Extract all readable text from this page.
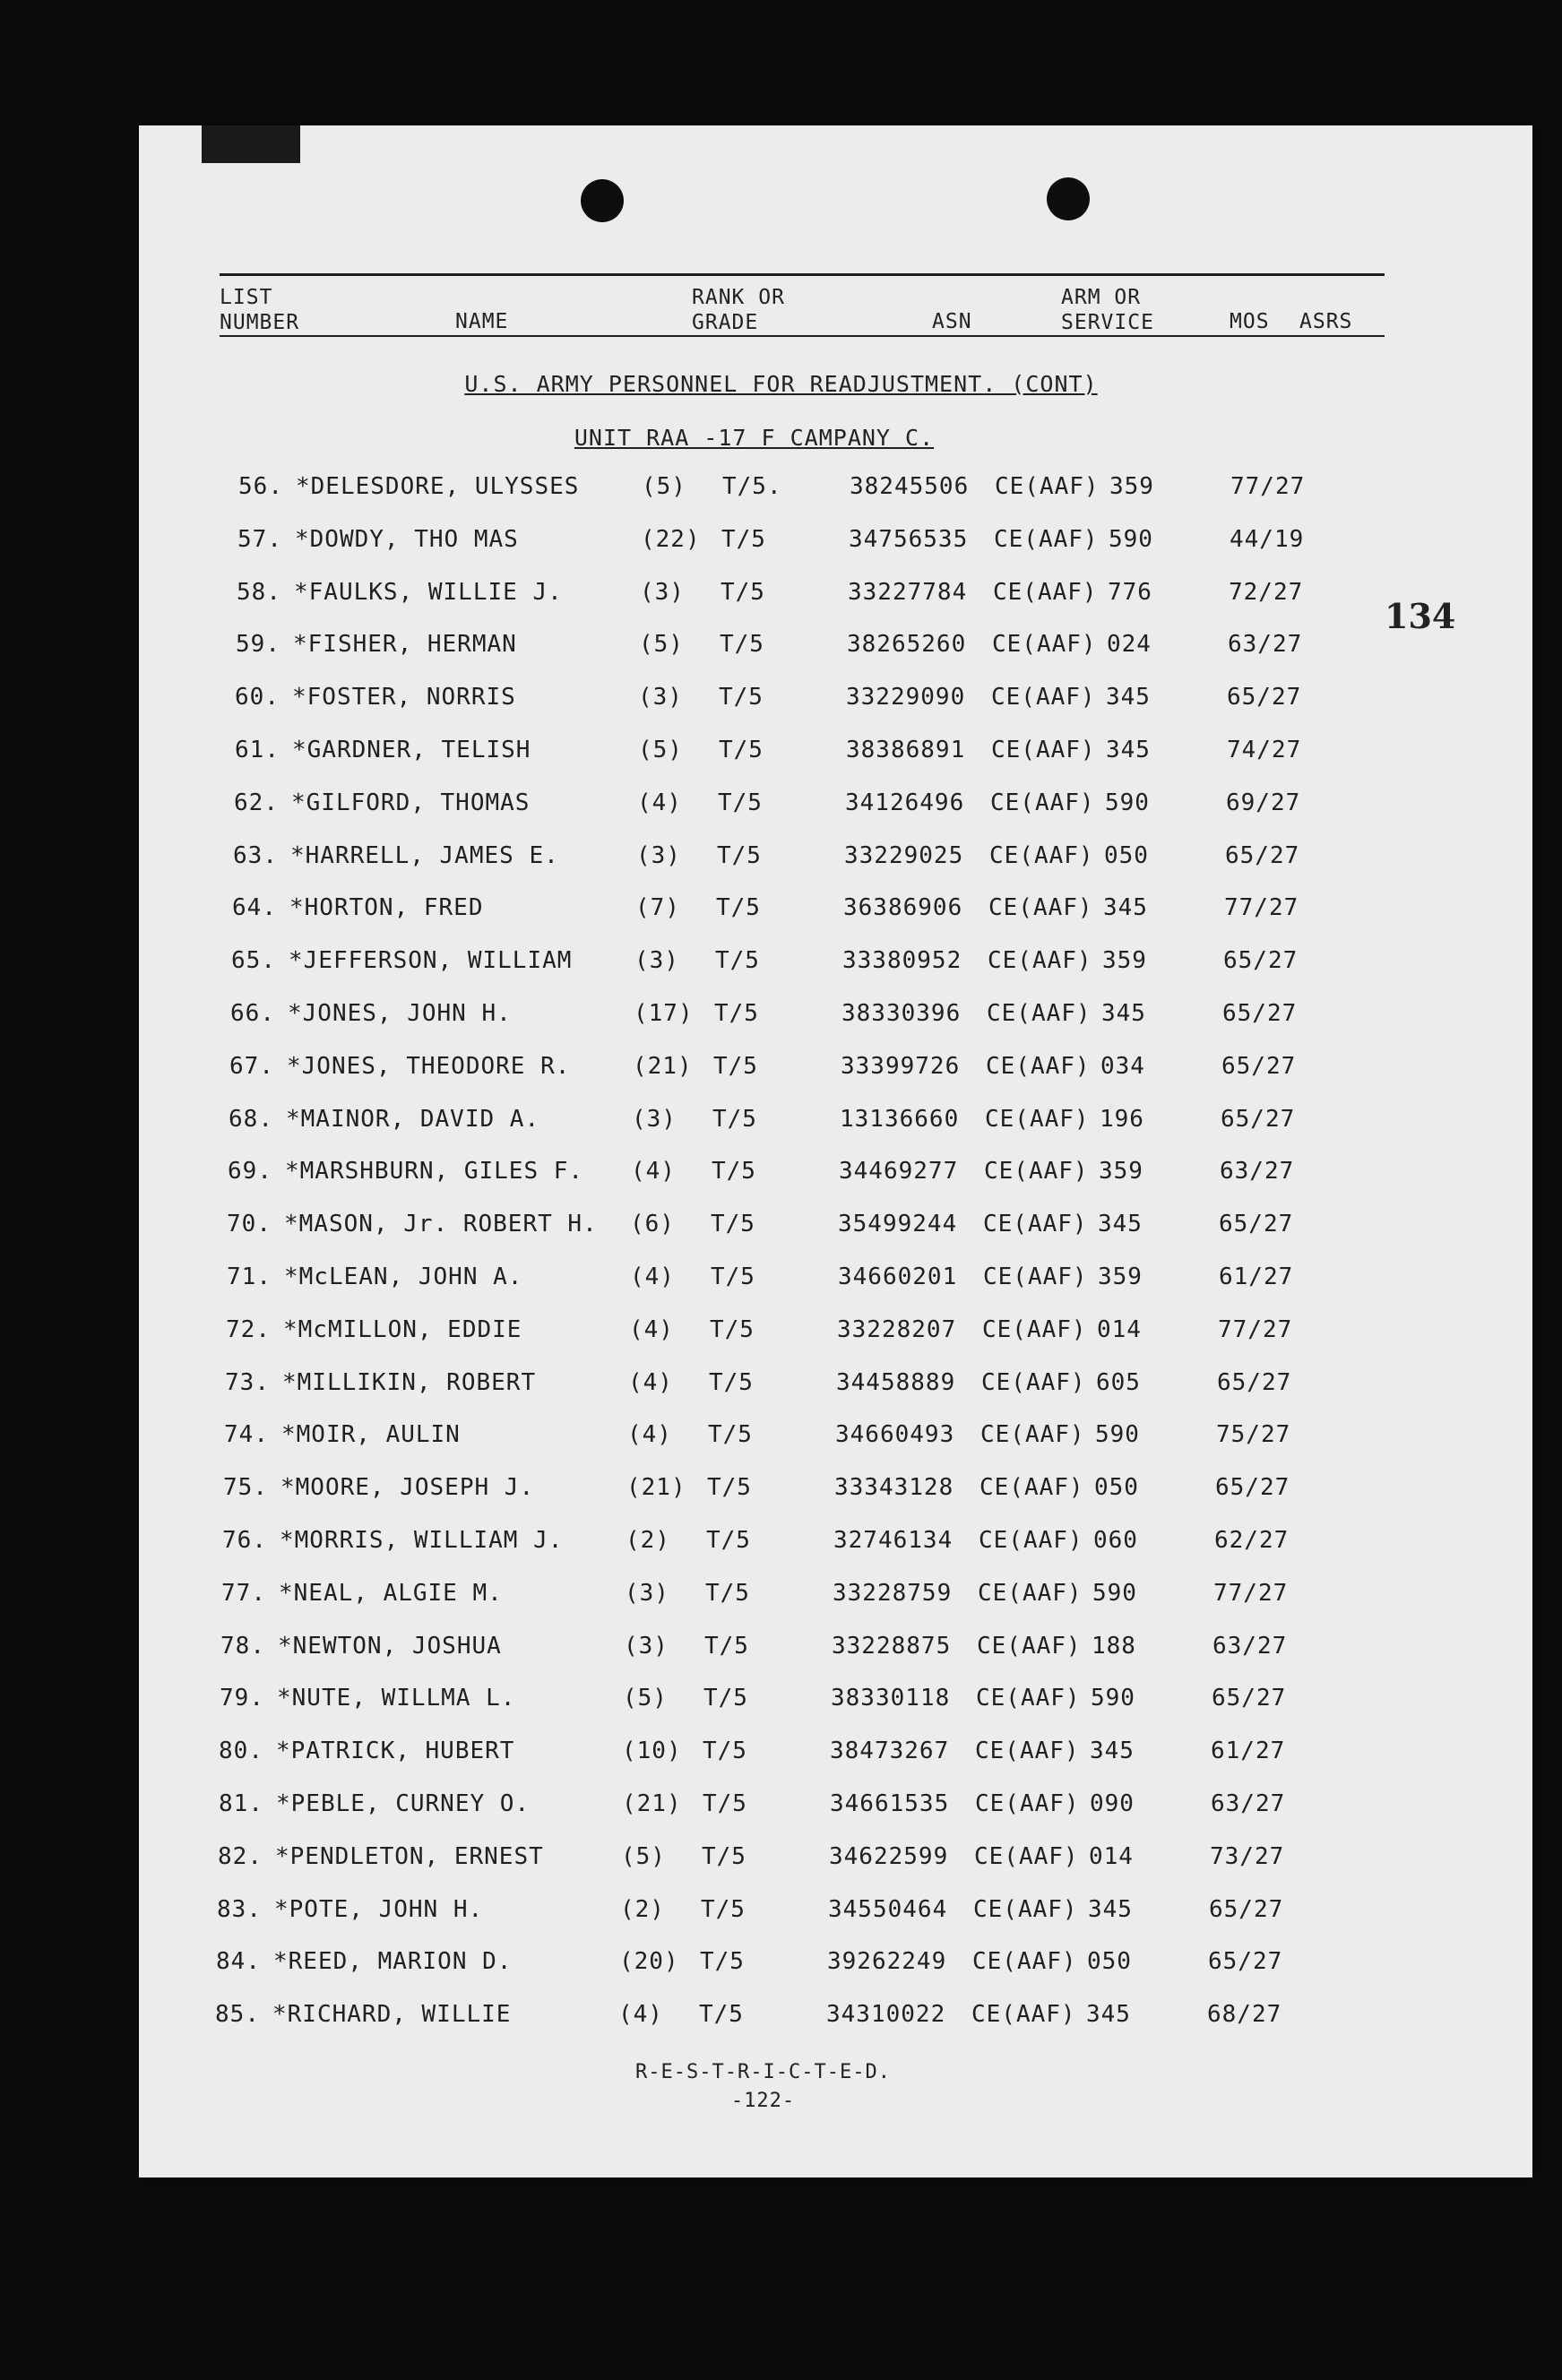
LIST NUMBER	NAME
RANK OR GRADE	ASN
ARM OR SERVICE	MOS ASRS
U.S. ARMY PERSONNEL FOR READJUSTMENT. (CONT)
UNIT RAA -17 F CAMPANY C.
134
56. *DELESDORE, ULYSSES	(5) T/5.	38245506 CE(AAF) 359	77/27
57. *DOWDY, THO MAS	(22) T/5	34756535 CE(AAF) 590	44/19
58. *FAULKS, WILLIE J.	(3) T/5	33227784 CE(AAF) 776	72/27
59. *FISHER, HERMAN	(5) T/5	38265260 CE(AAF) 024	63/27
60. *FOSTER, NORRIS	(3) T/5	33229090 CE(AAF) 345	65/27
61. *GARDNER, TELISH	(5) T/5	38386891 CE(AAF) 345	74/27
62. *GILFORD, THOMAS	(4) T/5	34126496 CE(AAF) 590	69/27
63. *HARRELL, JAMES E.	(3) T/5	33229025 CE(AAF) 050	65/27
64. *HORTON, FRED	(7) T/5	36386906 CE(AAF) 345	77/27
65. *JEFFERSON, WILLIAM	(3) T/5	33380952 CE(AAF) 359	65/27
66. *JONES, JOHN H.	(17) T/5	38330396 CE(AAF) 345	65/27
67. *JONES, THEODORE R.	(21) T/5	33399726 CE(AAF) 034	65/27
68. *MAINOR, DAVID A.	(3) T/5	13136660 CE(AAF) 196	65/27
69. *MARSHBURN, GILES F. (4) T/5	34469277 CE(AAF) 359	63/27
70. *MASON, Jr. ROBERT H. (6) T/5	35499244 CE(AAF) 345	65/27
71. *McLEAN, JOHN A.	(4) T/5	34660201 CE(AAF) 359	61/27
72. *McMILLON, EDDIE	(4) T/5	33228207 CE(AAF) 014	77/27
73. *MILLIKIN, ROBERT	(4) T/5	34458889 CE(AAF) 605	65/27
74. *MOIR, AULIN	(4) T/5	34660493 CE(AAF) 590	75/27
75. *MOORE, JOSEPH J.	(21) T/5	33343128 CE(AAF) 050	65/27
76. *MORRIS, WILLIAM J.	(2) T/5	32746134 CE(AAF) 060	62/27
77. *NEAL, ALGIE M.	(3) T/5	33228759 CE(AAF) 590	77/27
78. *NEWTON, JOSHUA	(3) T/5	33228875 CE(AAF) 188	63/27
79. *NUTE, WILLMA L.	(5) T/5	38330118 CE(AAF) 590	65/27
80. *PATRICK, HUBERT	(10) T/5	38473267 CE(AAF) 345	61/27
81. *PEBLE, CURNEY O.	(21) T/5	34661535 CE(AAF) 090	63/27
82. *PENDLETON, ERNEST	(5) T/5	34622599 CE(AAF) 014	73/27
83. *POTE, JOHN H.	(2) T/5	34550464 CE(AAF) 345	65/27
84. *REED, MARION D.	(20) T/5	39262249 CE(AAF) 050	65/27
85. *RICHARD, WILLIE	(4) T/5	34310022 CE(AAF) 345	68/27
R-E-S-T-R-I-C-T-E-D.
-122-
